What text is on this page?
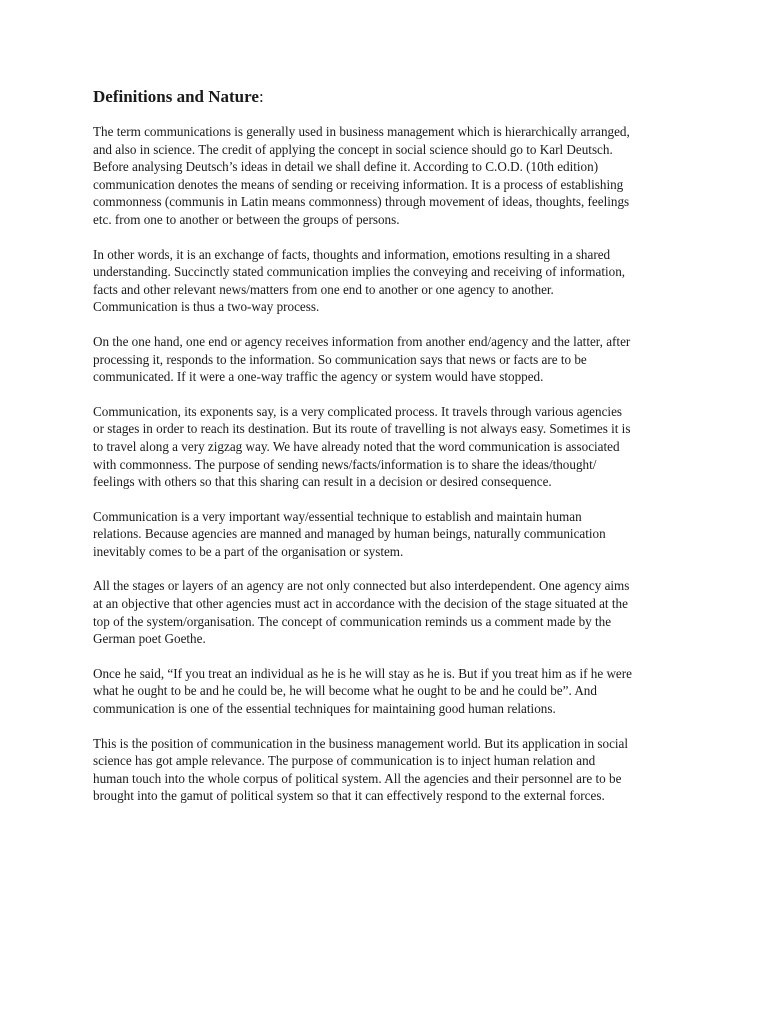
Definitions and Nature:

The term communications is generally used in business management which is hierarchically arranged,
and also in science. The credit of applying the concept in social science should go to Karl Deutsch.
Before analysing Deutsch’s ideas in detail we shall define it. According to C.O.D. (10th edition)
communication denotes the means of sending or receiving information. It is a process of establishing
commonness (communis in Latin means commonness) through movement of ideas, thoughts, feelings
etc. from one to another or between the groups of persons.

In other words, it is an exchange of facts, thoughts and information, emotions resulting in a shared
understanding. Succinctly stated communication implies the conveying and receiving of information,
facts and other relevant news/matters from one end to another or one agency to another.
Communication is thus a two-way process.

On the one hand, one end or agency receives information from another end/agency and the latter, after
processing it, responds to the information. So communication says that news or facts are to be
communicated. If it were a one-way traffic the agency or system would have stopped.

Communication, its exponents say, is a very complicated process. It travels through various agencies
or stages in order to reach its destination. But its route of travelling is not always easy. Sometimes it is
to travel along a very zigzag way. We have already noted that the word communication is associated
with commonness. The purpose of sending news/facts/information is to share the ideas/thought/
feelings with others so that this sharing can result in a decision or desired consequence.

Communication is a very important way/essential technique to establish and maintain human
relations. Because agencies are manned and managed by human beings, naturally communication
inevitably comes to be a part of the organisation or system.

All the stages or layers of an agency are not only connected but also interdependent. One agency aims
at an objective that other agencies must act in accordance with the decision of the stage situated at the
top of the system/organisation. The concept of communication reminds us a comment made by the
German poet Goethe.

Once he said, “If you treat an individual as he is he will stay as he is. But if you treat him as if he were
what he ought to be and he could be, he will become what he ought to be and he could be”. And
communication is one of the essential techniques for maintaining good human relations.

This is the position of communication in the business management world. But its application in social
science has got ample relevance. The purpose of communication is to inject human relation and
human touch into the whole corpus of political system. All the agencies and their personnel are to be
brought into the gamut of political system so that it can effectively respond to the external forces.
